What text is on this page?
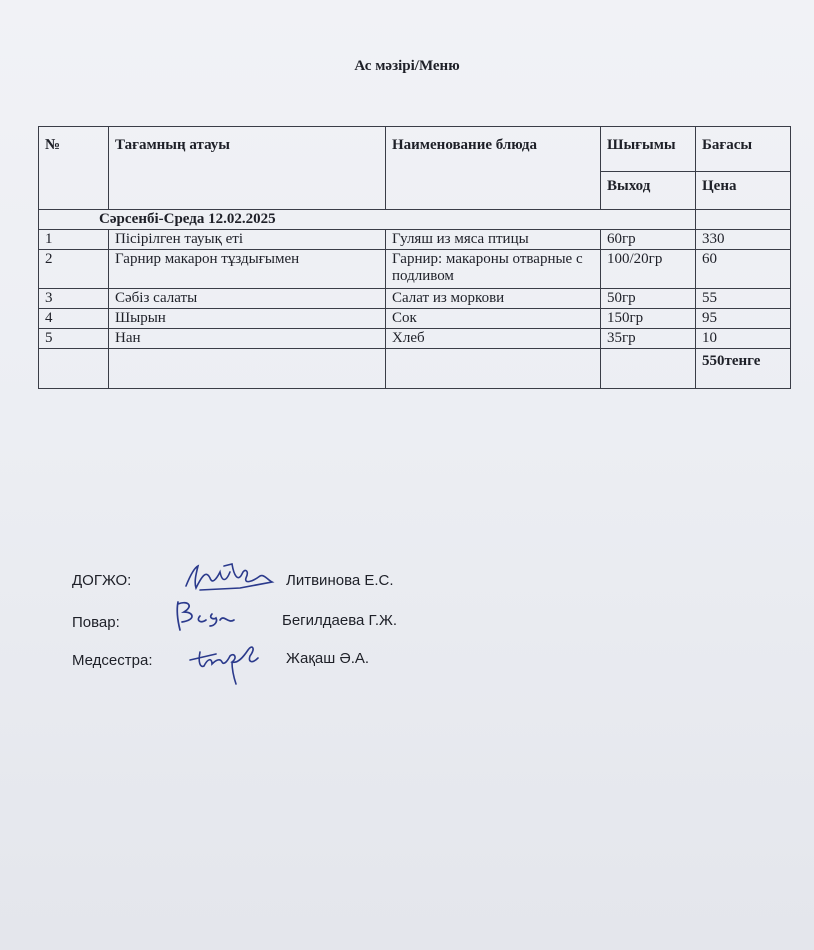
Ас мәзірі/Меню
№	Тағамның атауы	Наименование блюда	Шығымы	Бағасы
			Выход	Цена
Сәрсенбі-Среда 12.02.2025				
1	Пісірілген тауық еті	Гуляш из мяса птицы	60гр	330
2	Гарнир макарон тұздығымен	Гарнир: макароны отварные с подливом	100/20гр	60
3	Сәбіз салаты	Салат из моркови	50гр	55
4	Шырын	Сок	150гр	95
5	Нан	Хлеб	35гр	10
				550тенге
ДОГЖО:	Литвинова Е.С.
Повар:	Бегилдаева Г.Ж.
Медсестра:	Жақаш Ә.А.
